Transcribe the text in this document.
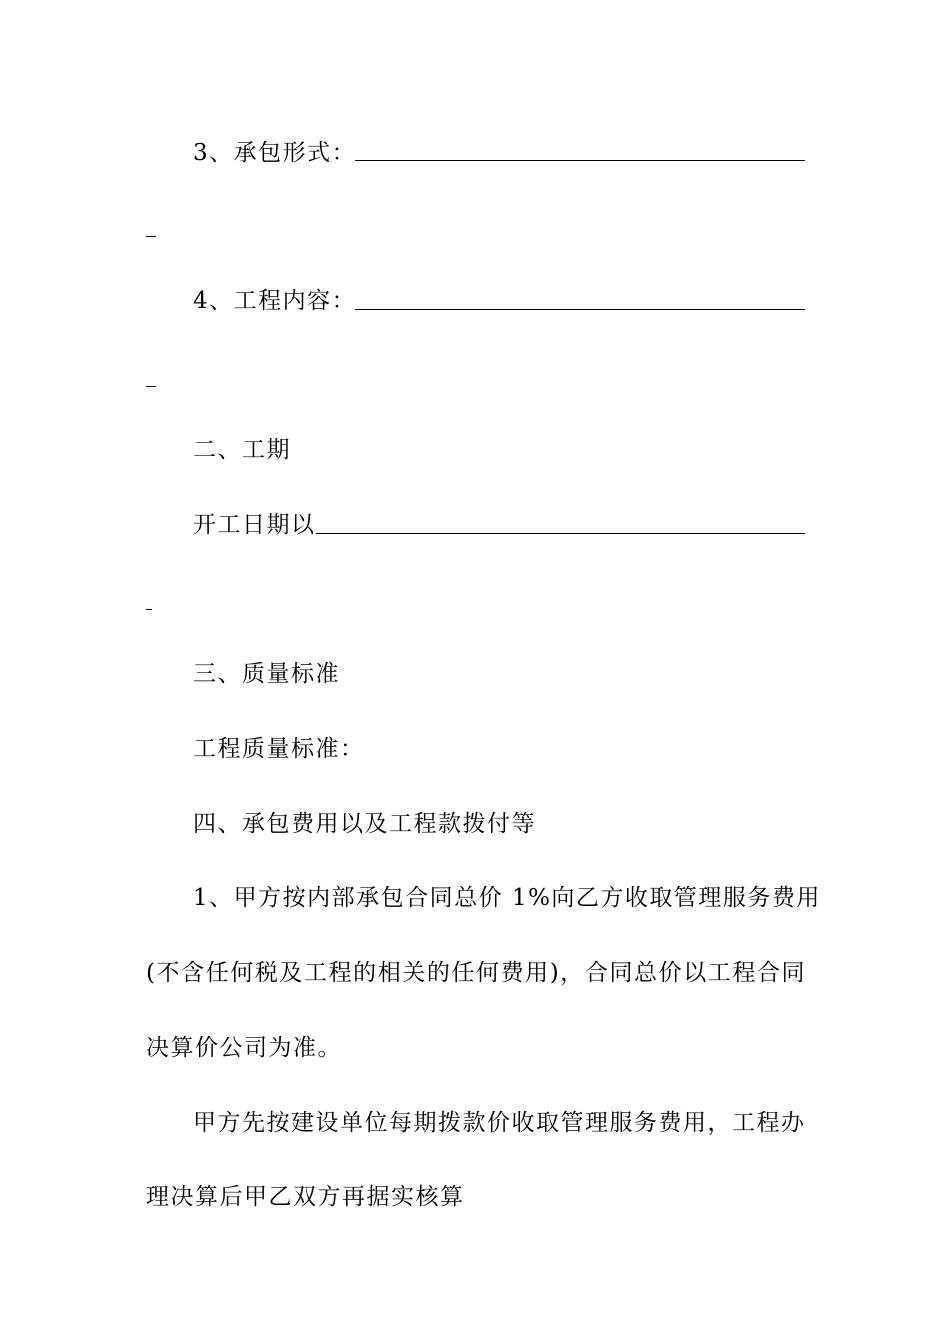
3、承包形式：

4、工程内容：

二、工期

开工日期以

三、质量标准

工程质量标准：

四、承包费用以及工程款拨付等

1、甲方按内部承包合同总价 1%向乙方收取管理服务费用

(不含任何税及工程的相关的任何费用)，合同总价以工程合同

决算价公司为准。

甲方先按建设单位每期拨款价收取管理服务费用，工程办

理决算后甲乙双方再据实核算
